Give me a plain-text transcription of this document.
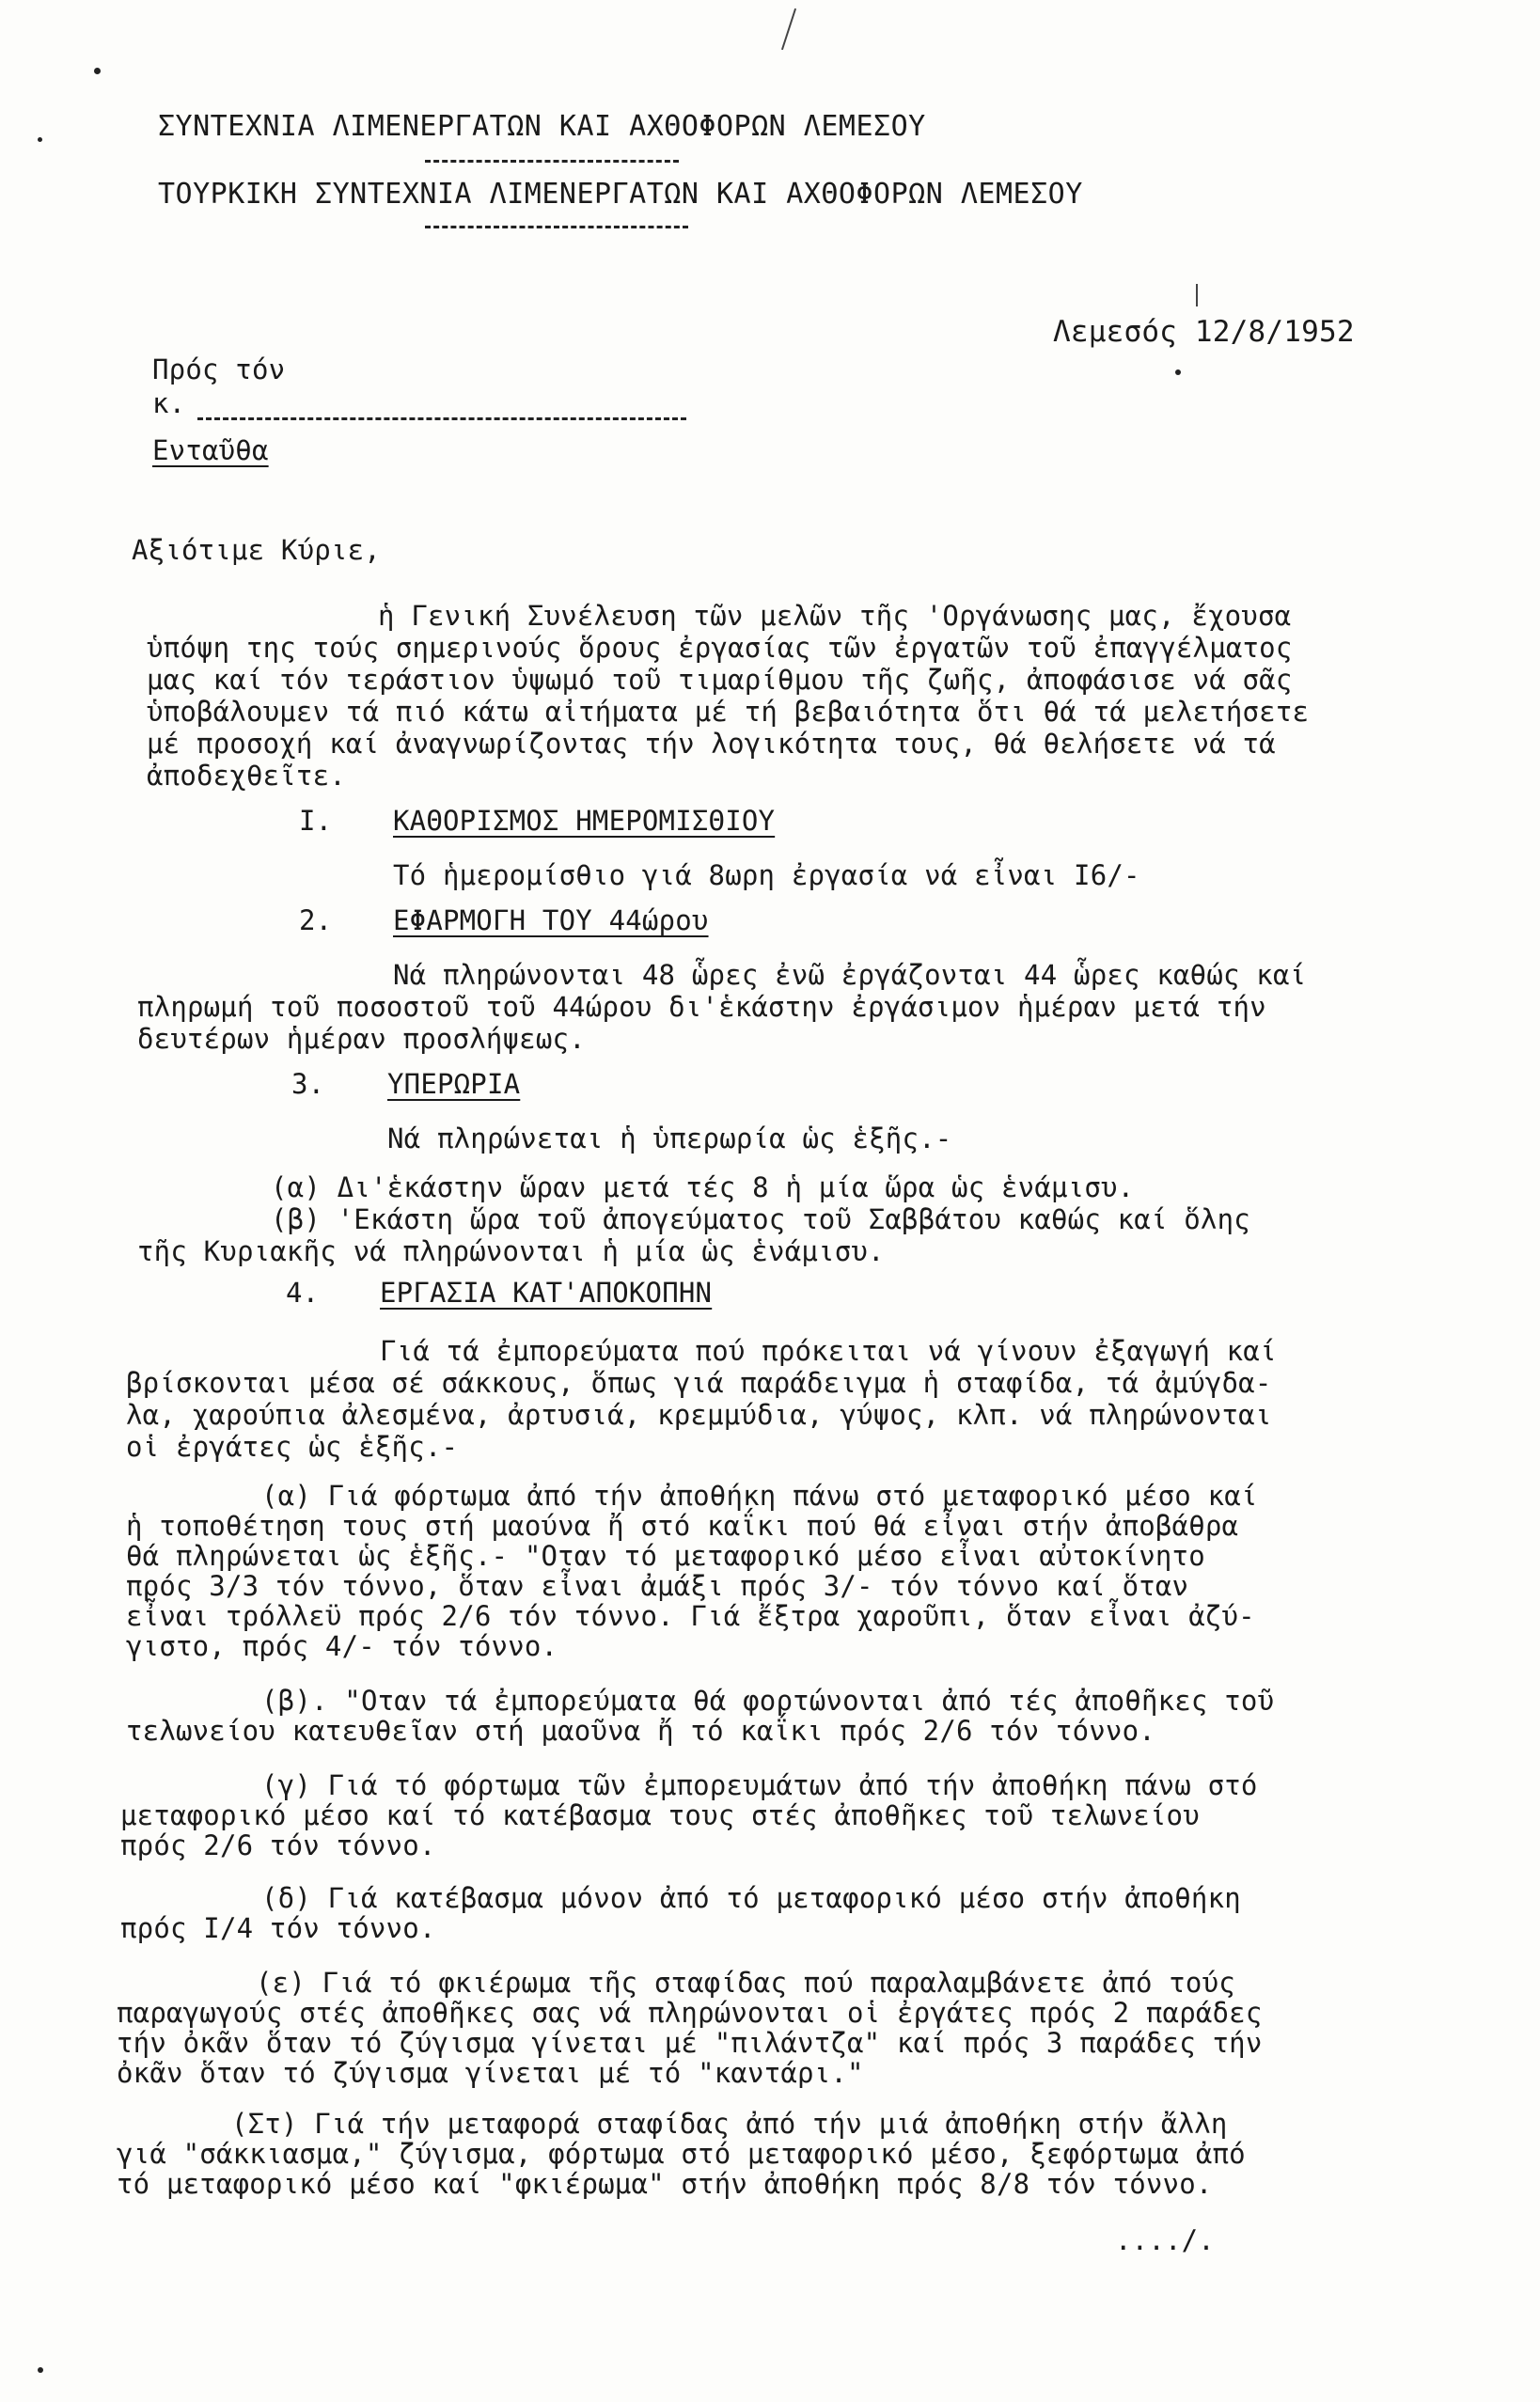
ΣΥΝΤΕΧΝΙΑ ΛΙΜΕΝΕΡΓΑΤΩΝ ΚΑΙ ΑΧΘΟΦΟΡΩΝ ΛΕΜΕΣΟΥ
ΤΟΥΡΚΙΚΗ ΣΥΝΤΕΧΝΙΑ ΛΙΜΕΝΕΡΓΑΤΩΝ ΚΑΙ ΑΧΘΟΦΟΡΩΝ ΛΕΜΕΣΟΥ
Λεμεσός 12/8/1952
Πρός τόν
κ.
Ενταῦθα
Αξιότιμε Κύριε,
ἡ Γενική Συνέλευση τῶν μελῶν τῆς 'Οργάνωσης μας, ἔχουσα
ὑπόψη της τούς σημερινούς ὅρους ἐργασίας τῶν ἐργατῶν τοῦ ἐπαγγέλματος
μας καί τόν τεράστιον ὑψωμό τοῦ τιμαρίθμου τῆς ζωῆς, ἀποφάσισε νά σᾶς
ὑποβάλουμεν τά πιό κάτω αἰτήματα μέ τή βεβαιότητα ὅτι θά τά μελετήσετε
μέ προσοχή καί ἀναγνωρίζοντας τήν λογικότητα τους, θά θελήσετε νά τά
ἀποδεχθεῖτε.
I. ΚΑΘΟΡΙΣΜΟΣ ΗΜΕΡΟΜΙΣΘΙΟΥ
Τό ἡμερομίσθιο γιά 8ωρη ἐργασία νά εἶναι I6/-
2. ΕΦΑΡΜΟΓΗ ΤΟΥ 44ώρου
Νά πληρώνονται 48 ὧρες ἐνῶ ἐργάζονται 44 ὧρες καθώς καί
πληρωμή τοῦ ποσοστοῦ τοῦ 44ώρου δι'ἑκάστην ἐργάσιμον ἡμέραν μετά τήν
δευτέρων ἡμέραν προσλήψεως.
3. ΥΠΕΡΩΡΙΑ
Νά πληρώνεται ἡ ὑπερωρία ὡς ἑξῆς.-
(α) Δι'ἑκάστην ὥραν μετά τές 8 ἡ μία ὥρα ὡς ἑνάμισυ.
(β) 'Εκάστη ὥρα τοῦ ἀπογεύματος τοῦ Σαββάτου καθώς καί ὅλης
τῆς Κυριακῆς νά πληρώνονται ἡ μία ὡς ἑνάμισυ.
4. ΕΡΓΑΣΙΑ ΚΑΤ'ΑΠΟΚΟΠΗΝ
Γιά τά ἐμπορεύματα πού πρόκειται νά γίνουν ἐξαγωγή καί
βρίσκονται μέσα σέ σάκκους, ὅπως γιά παράδειγμα ἡ σταφίδα, τά ἀμύγδα-
λα, χαρούπια ἀλεσμένα, ἀρτυσιά, κρεμμύδια, γύψος, κλπ. νά πληρώνονται
οἱ ἐργάτες ὡς ἑξῆς.-
(α) Γιά φόρτωμα ἀπό τήν ἀποθήκη πάνω στό μεταφορικό μέσο καί
ἡ τοποθέτηση τους στή μαούνα ἤ στό καΐκι πού θά εἶναι στήν ἀποβάθρα
θά πληρώνεται ὡς ἑξῆς.- "Οταν τό μεταφορικό μέσο εἶναι αὐτοκίνητο
πρός 3/3 τόν τόννο, ὅταν εἶναι ἀμάξι πρός 3/- τόν τόννο καί ὅταν
εἶναι τρόλλεϋ πρός 2/6 τόν τόννο. Γιά ἔξτρα χαροῦπι, ὅταν εἶναι ἀζύ-
γιστο, πρός 4/- τόν τόννο.
(β). "Οταν τά ἐμπορεύματα θά φορτώνονται ἀπό τές ἀποθῆκες τοῦ
τελωνείου κατευθεῖαν στή μαοῦνα ἤ τό καΐκι πρός 2/6 τόν τόννο.
(γ) Γιά τό φόρτωμα τῶν ἐμπορευμάτων ἀπό τήν ἀποθήκη πάνω στό
μεταφορικό μέσο καί τό κατέβασμα τους στές ἀποθῆκες τοῦ τελωνείου
πρός 2/6 τόν τόννο.
(δ) Γιά κατέβασμα μόνον ἀπό τό μεταφορικό μέσο στήν ἀποθήκη
πρός I/4 τόν τόννο.
(ε) Γιά τό φκιέρωμα τῆς σταφίδας πού παραλαμβάνετε ἀπό τούς
παραγωγούς στές ἀποθῆκες σας νά πληρώνονται οἱ ἐργάτες πρός 2 παράδες
τήν ὀκᾶν ὅταν τό ζύγισμα γίνεται μέ "πιλάντζα" καί πρός 3 παράδες τήν
ὀκᾶν ὅταν τό ζύγισμα γίνεται μέ τό "καντάρι."
(Στ) Γιά τήν μεταφορά σταφίδας ἀπό τήν μιά ἀποθήκη στήν ἄλλη
γιά "σάκκιασμα," ζύγισμα, φόρτωμα στό μεταφορικό μέσο, ξεφόρτωμα ἀπό
τό μεταφορικό μέσο καί "φκιέρωμα" στήν ἀποθήκη πρός 8/8 τόν τόννο.
..../.
